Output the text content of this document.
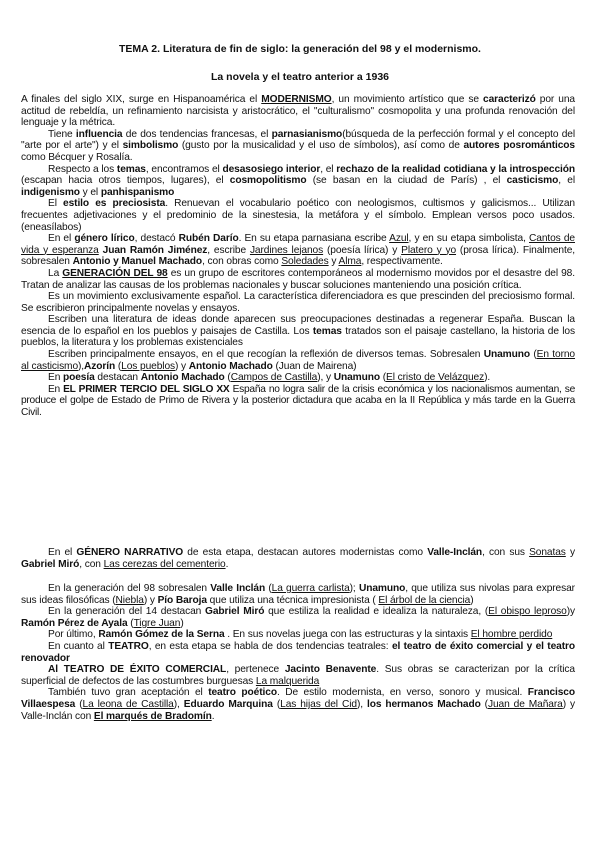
TEMA 2. Literatura de fin de siglo: la generación del 98 y el modernismo.
La novela y el teatro anterior a 1936

A finales del siglo XIX, surge en Hispanoamérica el MODERNISMO, un movimiento artístico que se caracterizó por una actitud de rebeldía, un refinamiento narcisista y aristocrático, el "culturalismo" cosmopolita y una profunda renovación del lenguaje y la métrica.

Tiene influencia de dos tendencias francesas, el parnasianismo(búsqueda de la perfección formal y el concepto del "arte por el arte") y el simbolismo (gusto por la musicalidad y el uso de símbolos), así como de autores posrománticos como Bécquer y Rosalía.

Respecto a los temas, encontramos el desasosiego interior, el rechazo de la realidad cotidiana y la introspección (escapan hacia otros tiempos, lugares), el cosmopolitismo (se basan en la ciudad de París) , el casticismo, el indigenismo y el panhispanismo

El estilo es preciosista. Renuevan el vocabulario poético con neologismos, cultismos y galicismos... Utilizan frecuentes adjetivaciones y el predominio de la sinestesia, la metáfora y el símbolo. Emplean versos poco usados. (eneasílabos)

En el género lírico, destacó Rubén Darío. En su etapa parnasiana escribe Azul, y en su etapa simbolista, Cantos de vida y esperanza Juan Ramón Jiménez, escribe Jardines lejanos (poesía lírica) y Platero y yo (prosa lírica). Finalmente, sobresalen Antonio y Manuel Machado, con obras como Soledades y Alma, respectivamente.

La GENERACIÓN DEL 98 es un grupo de escritores contemporáneos al modernismo movidos por el desastre del 98. Tratan de analizar las causas de los problemas nacionales y buscar soluciones manteniendo una posición crítica.

Es un movimiento exclusivamente español. La característica diferenciadora es que prescinden del preciosismo formal. Se escribieron principalmente novelas y ensayos.

Escriben una literatura de ideas donde aparecen sus preocupaciones destinadas a regenerar España. Buscan la esencia de lo español en los pueblos y paisajes de Castilla. Los temas tratados son el paisaje castellano, la historia de los pueblos, la literatura y los problemas existenciales

Escriben principalmente ensayos, en el que recogían la reflexión de diversos temas. Sobresalen Unamuno (En torno al casticismo),Azorín (Los pueblos) y Antonio Machado (Juan de Mairena)

En poesía destacan Antonio Machado (Campos de Castilla), y Unamuno (El cristo de Velázquez).

En EL PRIMER TERCIO DEL SIGLO XX España no logra salir de la crisis económica y los nacionalismos aumentan, se produce el golpe de Estado de Primo de Rivera y la posterior dictadura que acaba en la II República y más tarde en la Guerra Civil.

En el GÉNERO NARRATIVO de esta etapa, destacan autores modernistas como Valle-Inclán, con sus Sonatas y Gabriel Miró, con Las cerezas del cementerio.

En la generación del 98 sobresalen Valle Inclán (La guerra carlista); Unamuno, que utiliza sus nivolas para expresar sus ideas filosóficas (Niebla) y Pío Baroja que utiliza una técnica impresionista ( El árbol de la ciencia)

En la generación del 14 destacan Gabriel Miró que estiliza la realidad e idealiza la naturaleza, (El obispo leproso)y Ramón Pérez de Ayala (Tigre Juan)

Por último, Ramón Gómez de la Serna . En sus novelas juega con las estructuras y la sintaxis El hombre perdido

En cuanto al TEATRO, en esta etapa se habla de dos tendencias teatrales: el teatro de éxito comercial y el teatro renovador

Al TEATRO DE ÉXITO COMERCIAL, pertenece Jacinto Benavente. Sus obras se caracterizan por la crítica superficial de defectos de las costumbres burguesas La malquerida

También tuvo gran aceptación el teatro poético. De estilo modernista, en verso, sonoro y musical. Francisco Villaespesa (La leona de Castilla), Eduardo Marquina (Las hijas del Cid), los hermanos Machado (Juan de Mañara) y Valle-Inclán con El marqués de Bradomín.
